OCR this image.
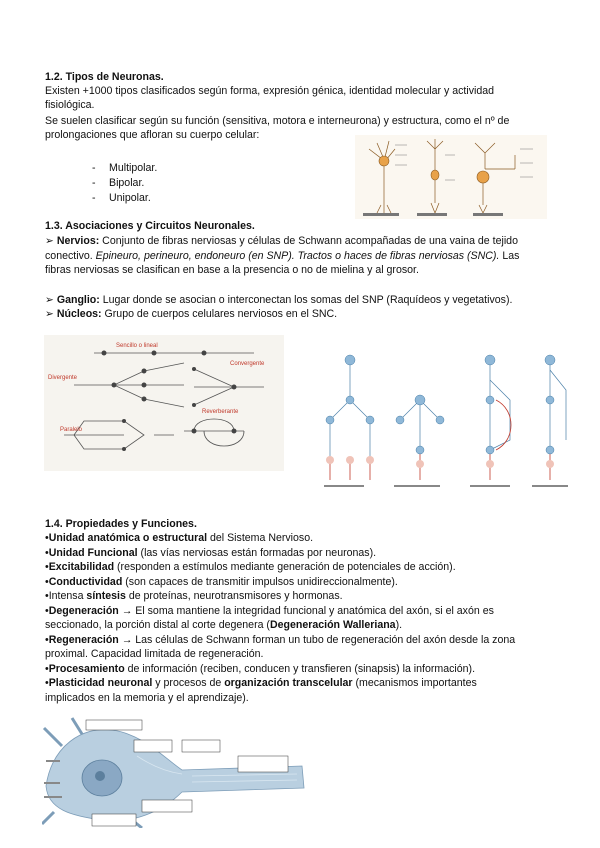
1.2. Tipos de Neuronas.
Existen +1000 tipos clasificados según forma, expresión génica, identidad molecular y actividad
fisiológica.
Se suelen clasificar según su función (sensitiva, motora e interneurona) y estructura, como el nº de
prolongaciones que afloran su cuerpo celular:
- Multipolar.
- Bipolar.
- Unipolar.
1.3. Asociaciones y Circuitos Neuronales.
➢ Nervios: Conjunto de fibras nerviosas y células de Schwann acompañadas de una vaina de tejido
conectivo. Epineuro, perineuro, endoneuro (en SNP). Tractos o haces de fibras nerviosas (SNC). Las
fibras nerviosas se clasifican en base a la presencia o no de mielina y al grosor.
➢ Ganglio: Lugar donde se asocian o interconectan los somas del SNP (Raquídeos y vegetativos).
➢ Núcleos: Grupo de cuerpos celulares nerviosos en el SNC.
Sencillo o lineal
Divergente
Convergente
Reverberante
Paralelo
1.4. Propiedades y Funciones.
•Unidad anatómica o estructural del Sistema Nervioso.
•Unidad Funcional (las vías nerviosas están formadas por neuronas).
•Excitabilidad (responden a estímulos mediante generación de potenciales de acción).
•Conductividad (son capaces de transmitir impulsos unidireccionalmente).
•Intensa síntesis de proteínas, neurotransmisores y hormonas.
•Degeneración → El soma mantiene la integridad funcional y anatómica del axón, si el axón es
seccionado, la porción distal al corte degenera (Degeneración Walleriana).
•Regeneración → Las células de Schwann forman un tubo de regeneración del axón desde la zona
proximal. Capacidad limitada de regeneración.
•Procesamiento de información (reciben, conducen y transfieren (sinapsis) la información).
•Plasticidad neuronal y procesos de organización transcelular (mecanismos importantes
implicados en la memoria y el aprendizaje).
